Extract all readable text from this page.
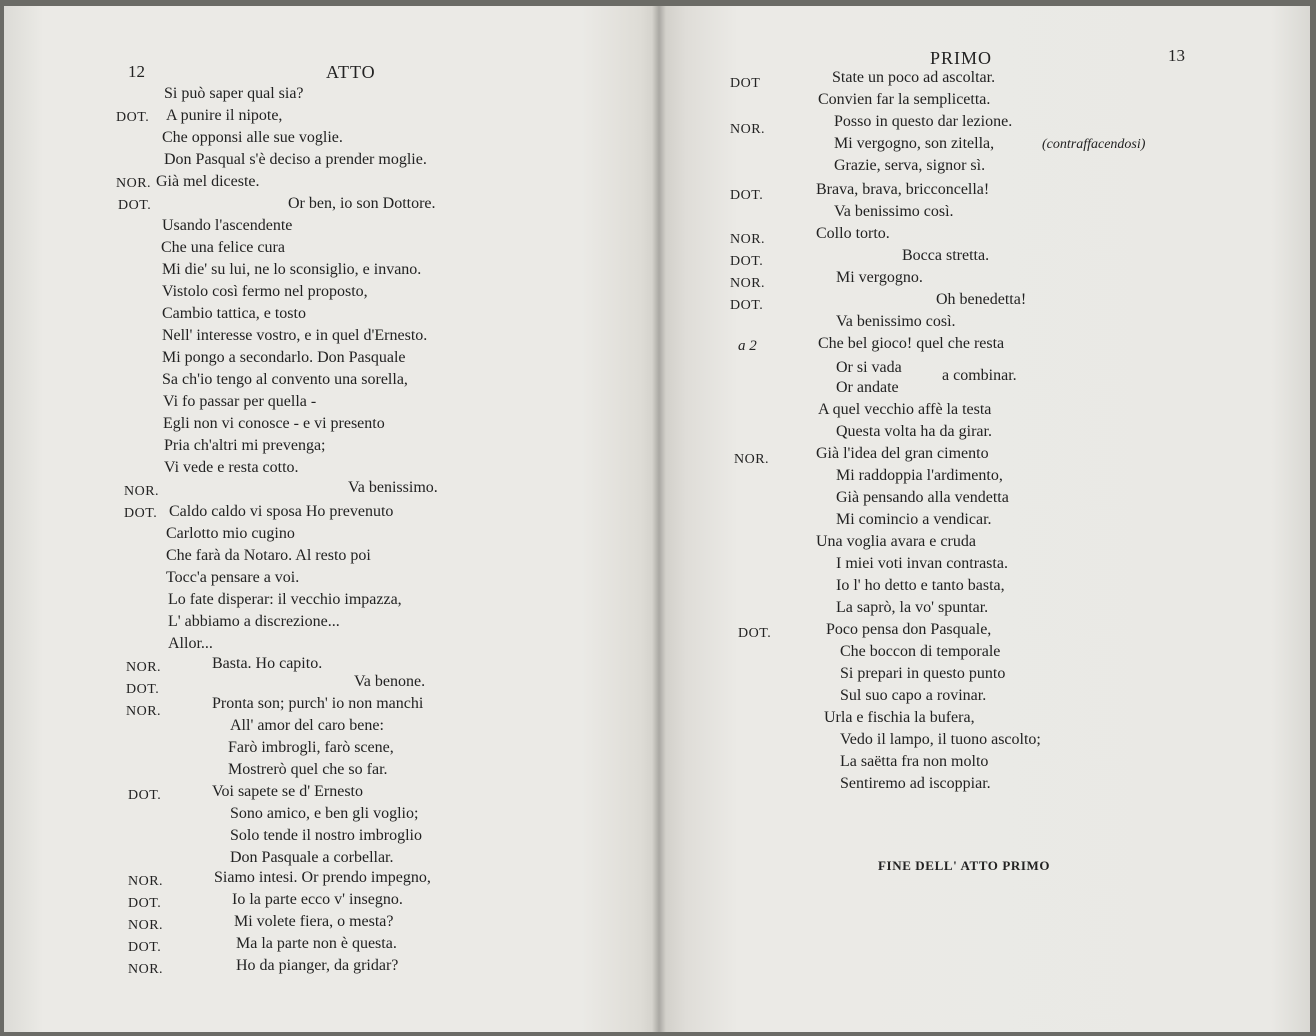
12	ATTO
Si può saper qual sia?
DOT. A punire il nipote,
Che opponsi alle sue voglie.
Don Pasqual s'è deciso a prender moglie.
NOR. Già mel diceste.
DOT.	Or ben, io son Dottore.
Usando l'ascendente
Che una felice cura
Mi die' su lui, ne lo sconsiglio, e invano.
Vistolo così fermo nel proposto,
Cambio tattica, e tosto
Nell' interesse vostro, e in quel d'Ernesto.
Mi pongo a secondarlo. Don Pasquale
Sa ch'io tengo al convento una sorella,
Vi fo passar per quella -
Egli non vi conosce - e vi presento
Pria ch'altri mi prevenga;
Vi vede e resta cotto.
NOR.	Va benissimo.
DOT. Caldo caldo vi sposa Ho prevenuto
Carlotto mio cugino
Che farà da Notaro. Al resto poi
Tocc'a pensare a voi.
Lo fate disperar: il vecchio impazza,
L' abbiamo a discrezione...
Allor...
NOR.	Basta. Ho capito.
DOT.	Va benone.
NOR.	Pronta son; purch' io non manchi
All' amor del caro bene:
Farò imbrogli, farò scene,
Mostrerò quel che so far.
DOT.	Voi sapete se d' Ernesto
Sono amico, e ben gli voglio;
Solo tende il nostro imbroglio
Don Pasquale a corbellar.
NOR.	Siamo intesi. Or prendo impegno,
DOT.	Io la parte ecco v' insegno.
NOR.	Mi volete fiera, o mesta?
DOT.	Ma la parte non è questa.
NOR.	Ho da pianger, da gridar?
PRIMO	13
DOT	State un poco ad ascoltar.
Convien far la semplicetta.
NOR.	Posso in questo dar lezione.
Mi vergogno, son zitella,	(contraffacendosi)
Grazie, serva, signor sì.
DOT.	Brava, brava, bricconcella!
Va benissimo così.
NOR.	Collo torto.
DOT.	Bocca stretta.
NOR.	Mi vergogno.
DOT.	Oh benedetta!
Va benissimo così.
a 2	Che bel gioco! quel che resta
Or si vada	a combinar.
Or andate
A quel vecchio affè la testa
Questa volta ha da girar.
NOR.	Già l'idea del gran cimento
Mi raddoppia l'ardimento,
Già pensando alla vendetta
Mi comincio a vendicar.
Una voglia avara e cruda
I miei voti invan contrasta.
Io l' ho detto e tanto basta,
La saprò, la vo' spuntar.
DOT.	Poco pensa don Pasquale,
Che boccon di temporale
Si prepari in questo punto
Sul suo capo a rovinar.
Urla e fischia la bufera,
Vedo il lampo, il tuono ascolto;
La saëtta fra non molto
Sentiremo ad iscoppiar.
FINE DELL' ATTO PRIMO
